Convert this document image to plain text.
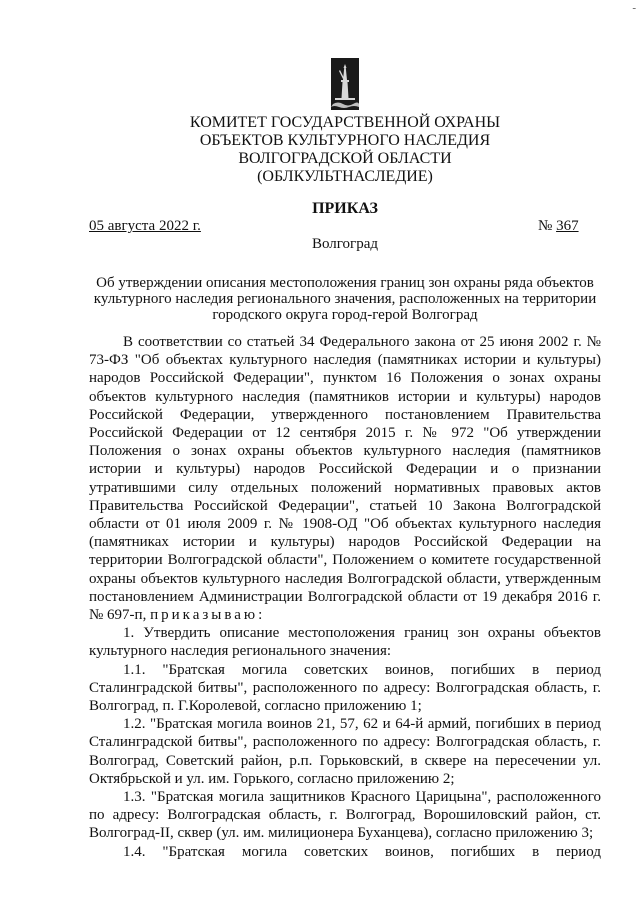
-
КОМИТЕТ ГОСУДАРСТВЕННОЙ ОХРАНЫ
ОБЪЕКТОВ КУЛЬТУРНОГО НАСЛЕДИЯ
ВОЛГОГРАДСКОЙ ОБЛАСТИ
(ОБЛКУЛЬТНАСЛЕДИЕ)
ПРИКАЗ
05 августа 2022 г.	№ 367
Волгоград
Об утверждении описания местоположения границ зон охраны ряда объектов
культурного наследия регионального значения, расположенных на территории
городского округа город-герой Волгоград

В соответствии со статьей 34 Федерального закона от 25 июня 2002 г. № 73-ФЗ "Об объектах культурного наследия (памятниках истории и культуры) народов Российской Федерации", пунктом 16 Положения о зонах охраны объектов культурного наследия (памятников истории и культуры) народов Российской Федерации, утвержденного постановлением Правительства Российской Федерации от 12 сентября 2015 г. № 972 "Об утверждении Положения о зонах охраны объектов культурного наследия (памятников истории и культуры) народов Российской Федерации и о признании утратившими силу отдельных положений нормативных правовых актов Правительства Российской Федерации", статьей 10 Закона Волгоградской области от 01 июля 2009 г. № 1908-ОД "Об объектах культурного наследия (памятниках истории и культуры) народов Российской Федерации на территории Волгоградской области", Положением о комитете государственной охраны объектов культурного наследия Волгоградской области, утвержденным постановлением Администрации Волгоградской области от 19 декабря 2016 г. № 697-п, приказываю:

1. Утвердить описание местоположения границ зон охраны объектов культурного наследия регионального значения:

1.1. "Братская могила советских воинов, погибших в период Сталинградской битвы", расположенного по адресу: Волгоградская область, г. Волгоград, п. Г.Королевой, согласно приложению 1;

1.2. "Братская могила воинов 21, 57, 62 и 64-й армий, погибших в период Сталинградской битвы", расположенного по адресу: Волгоградская область, г. Волгоград, Советский район, р.п. Горьковский, в сквере на пересечении ул. Октябрьской и ул. им. Горького, согласно приложению 2;

1.3. "Братская могила защитников Красного Царицына", расположенного по адресу: Волгоградская область, г. Волгоград, Ворошиловский район, ст. Волгоград-II, сквер (ул. им. милиционера Буханцева), согласно приложению 3;

1.4. "Братская могила советских воинов, погибших в период
